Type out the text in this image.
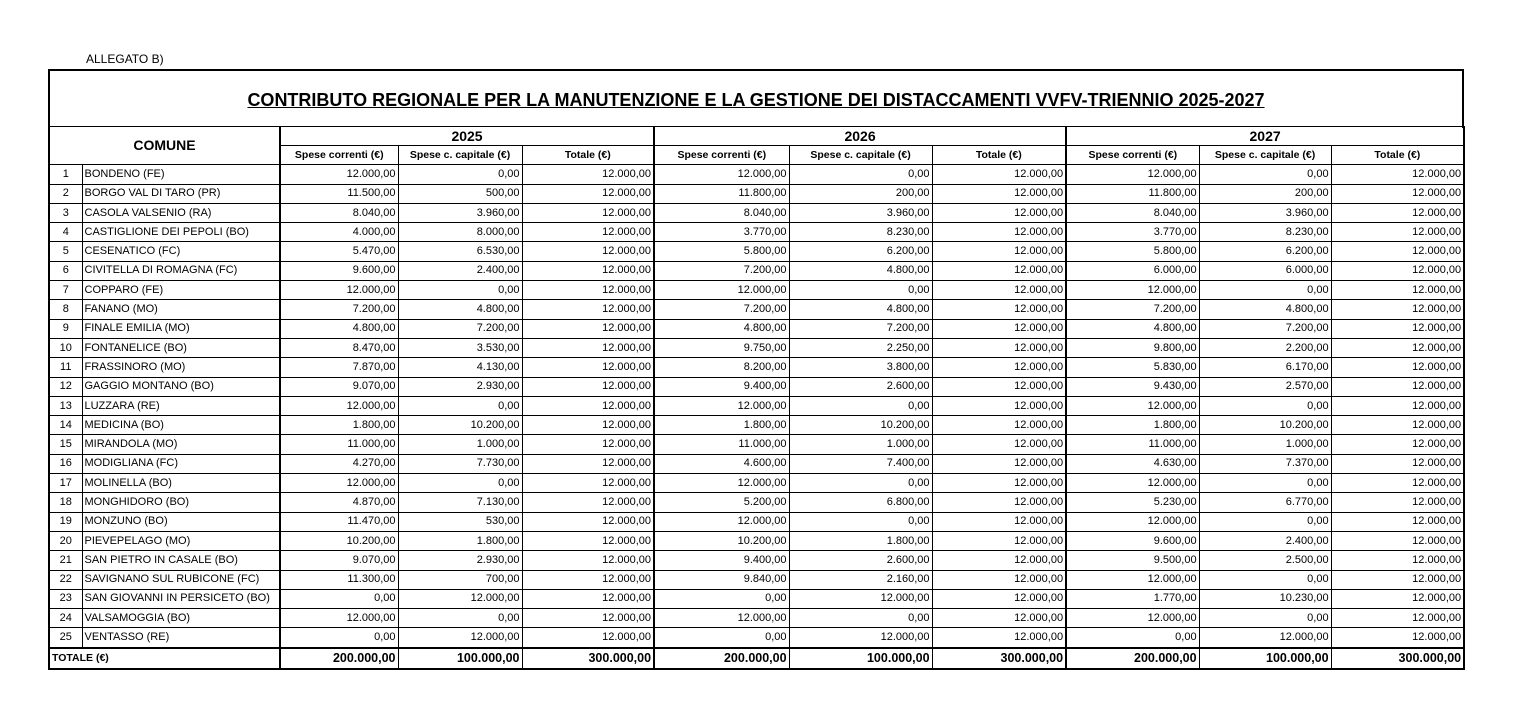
ALLEGATO B)
CONTRIBUTO REGIONALE PER LA MANUTENZIONE E LA GESTIONE DEI DISTACCAMENTI VVFV-TRIENNIO 2025-2027
COMUNE		2025			2026			2027		
		Spese correnti (€)	Spese c. capitale (€)	Totale (€)	Spese correnti (€)	Spese c. capitale (€)	Totale (€)	Spese correnti (€)	Spese c. capitale (€)	Totale (€)
1	BONDENO (FE)	12.000,00	0,00	12.000,00	12.000,00	0,00	12.000,00	12.000,00	0,00	12.000,00
2	BORGO VAL DI TARO (PR)	11.500,00	500,00	12.000,00	11.800,00	200,00	12.000,00	11.800,00	200,00	12.000,00
3	CASOLA VALSENIO (RA)	8.040,00	3.960,00	12.000,00	8.040,00	3.960,00	12.000,00	8.040,00	3.960,00	12.000,00
4	CASTIGLIONE DEI PEPOLI (BO)	4.000,00	8.000,00	12.000,00	3.770,00	8.230,00	12.000,00	3.770,00	8.230,00	12.000,00
5	CESENATICO (FC)	5.470,00	6.530,00	12.000,00	5.800,00	6.200,00	12.000,00	5.800,00	6.200,00	12.000,00
6	CIVITELLA DI ROMAGNA (FC)	9.600,00	2.400,00	12.000,00	7.200,00	4.800,00	12.000,00	6.000,00	6.000,00	12.000,00
7	COPPARO (FE)	12.000,00	0,00	12.000,00	12.000,00	0,00	12.000,00	12.000,00	0,00	12.000,00
8	FANANO (MO)	7.200,00	4.800,00	12.000,00	7.200,00	4.800,00	12.000,00	7.200,00	4.800,00	12.000,00
9	FINALE EMILIA (MO)	4.800,00	7.200,00	12.000,00	4.800,00	7.200,00	12.000,00	4.800,00	7.200,00	12.000,00
10	FONTANELICE (BO)	8.470,00	3.530,00	12.000,00	9.750,00	2.250,00	12.000,00	9.800,00	2.200,00	12.000,00
11	FRASSINORO (MO)	7.870,00	4.130,00	12.000,00	8.200,00	3.800,00	12.000,00	5.830,00	6.170,00	12.000,00
12	GAGGIO MONTANO (BO)	9.070,00	2.930,00	12.000,00	9.400,00	2.600,00	12.000,00	9.430,00	2.570,00	12.000,00
13	LUZZARA (RE)	12.000,00	0,00	12.000,00	12.000,00	0,00	12.000,00	12.000,00	0,00	12.000,00
14	MEDICINA (BO)	1.800,00	10.200,00	12.000,00	1.800,00	10.200,00	12.000,00	1.800,00	10.200,00	12.000,00
15	MIRANDOLA (MO)	11.000,00	1.000,00	12.000,00	11.000,00	1.000,00	12.000,00	11.000,00	1.000,00	12.000,00
16	MODIGLIANA (FC)	4.270,00	7.730,00	12.000,00	4.600,00	7.400,00	12.000,00	4.630,00	7.370,00	12.000,00
17	MOLINELLA (BO)	12.000,00	0,00	12.000,00	12.000,00	0,00	12.000,00	12.000,00	0,00	12.000,00
18	MONGHIDORO (BO)	4.870,00	7.130,00	12.000,00	5.200,00	6.800,00	12.000,00	5.230,00	6.770,00	12.000,00
19	MONZUNO (BO)	11.470,00	530,00	12.000,00	12.000,00	0,00	12.000,00	12.000,00	0,00	12.000,00
20	PIEVEPELAGO (MO)	10.200,00	1.800,00	12.000,00	10.200,00	1.800,00	12.000,00	9.600,00	2.400,00	12.000,00
21	SAN PIETRO IN CASALE (BO)	9.070,00	2.930,00	12.000,00	9.400,00	2.600,00	12.000,00	9.500,00	2.500,00	12.000,00
22	SAVIGNANO SUL RUBICONE (FC)	11.300,00	700,00	12.000,00	9.840,00	2.160,00	12.000,00	12.000,00	0,00	12.000,00
23	SAN GIOVANNI IN PERSICETO (BO)	0,00	12.000,00	12.000,00	0,00	12.000,00	12.000,00	1.770,00	10.230,00	12.000,00
24	VALSAMOGGIA (BO)	12.000,00	0,00	12.000,00	12.000,00	0,00	12.000,00	12.000,00	0,00	12.000,00
25	VENTASSO (RE)	0,00	12.000,00	12.000,00	0,00	12.000,00	12.000,00	0,00	12.000,00	12.000,00
TOTALE (€)		200.000,00	100.000,00	300.000,00	200.000,00	100.000,00	300.000,00	200.000,00	100.000,00	300.000,00
